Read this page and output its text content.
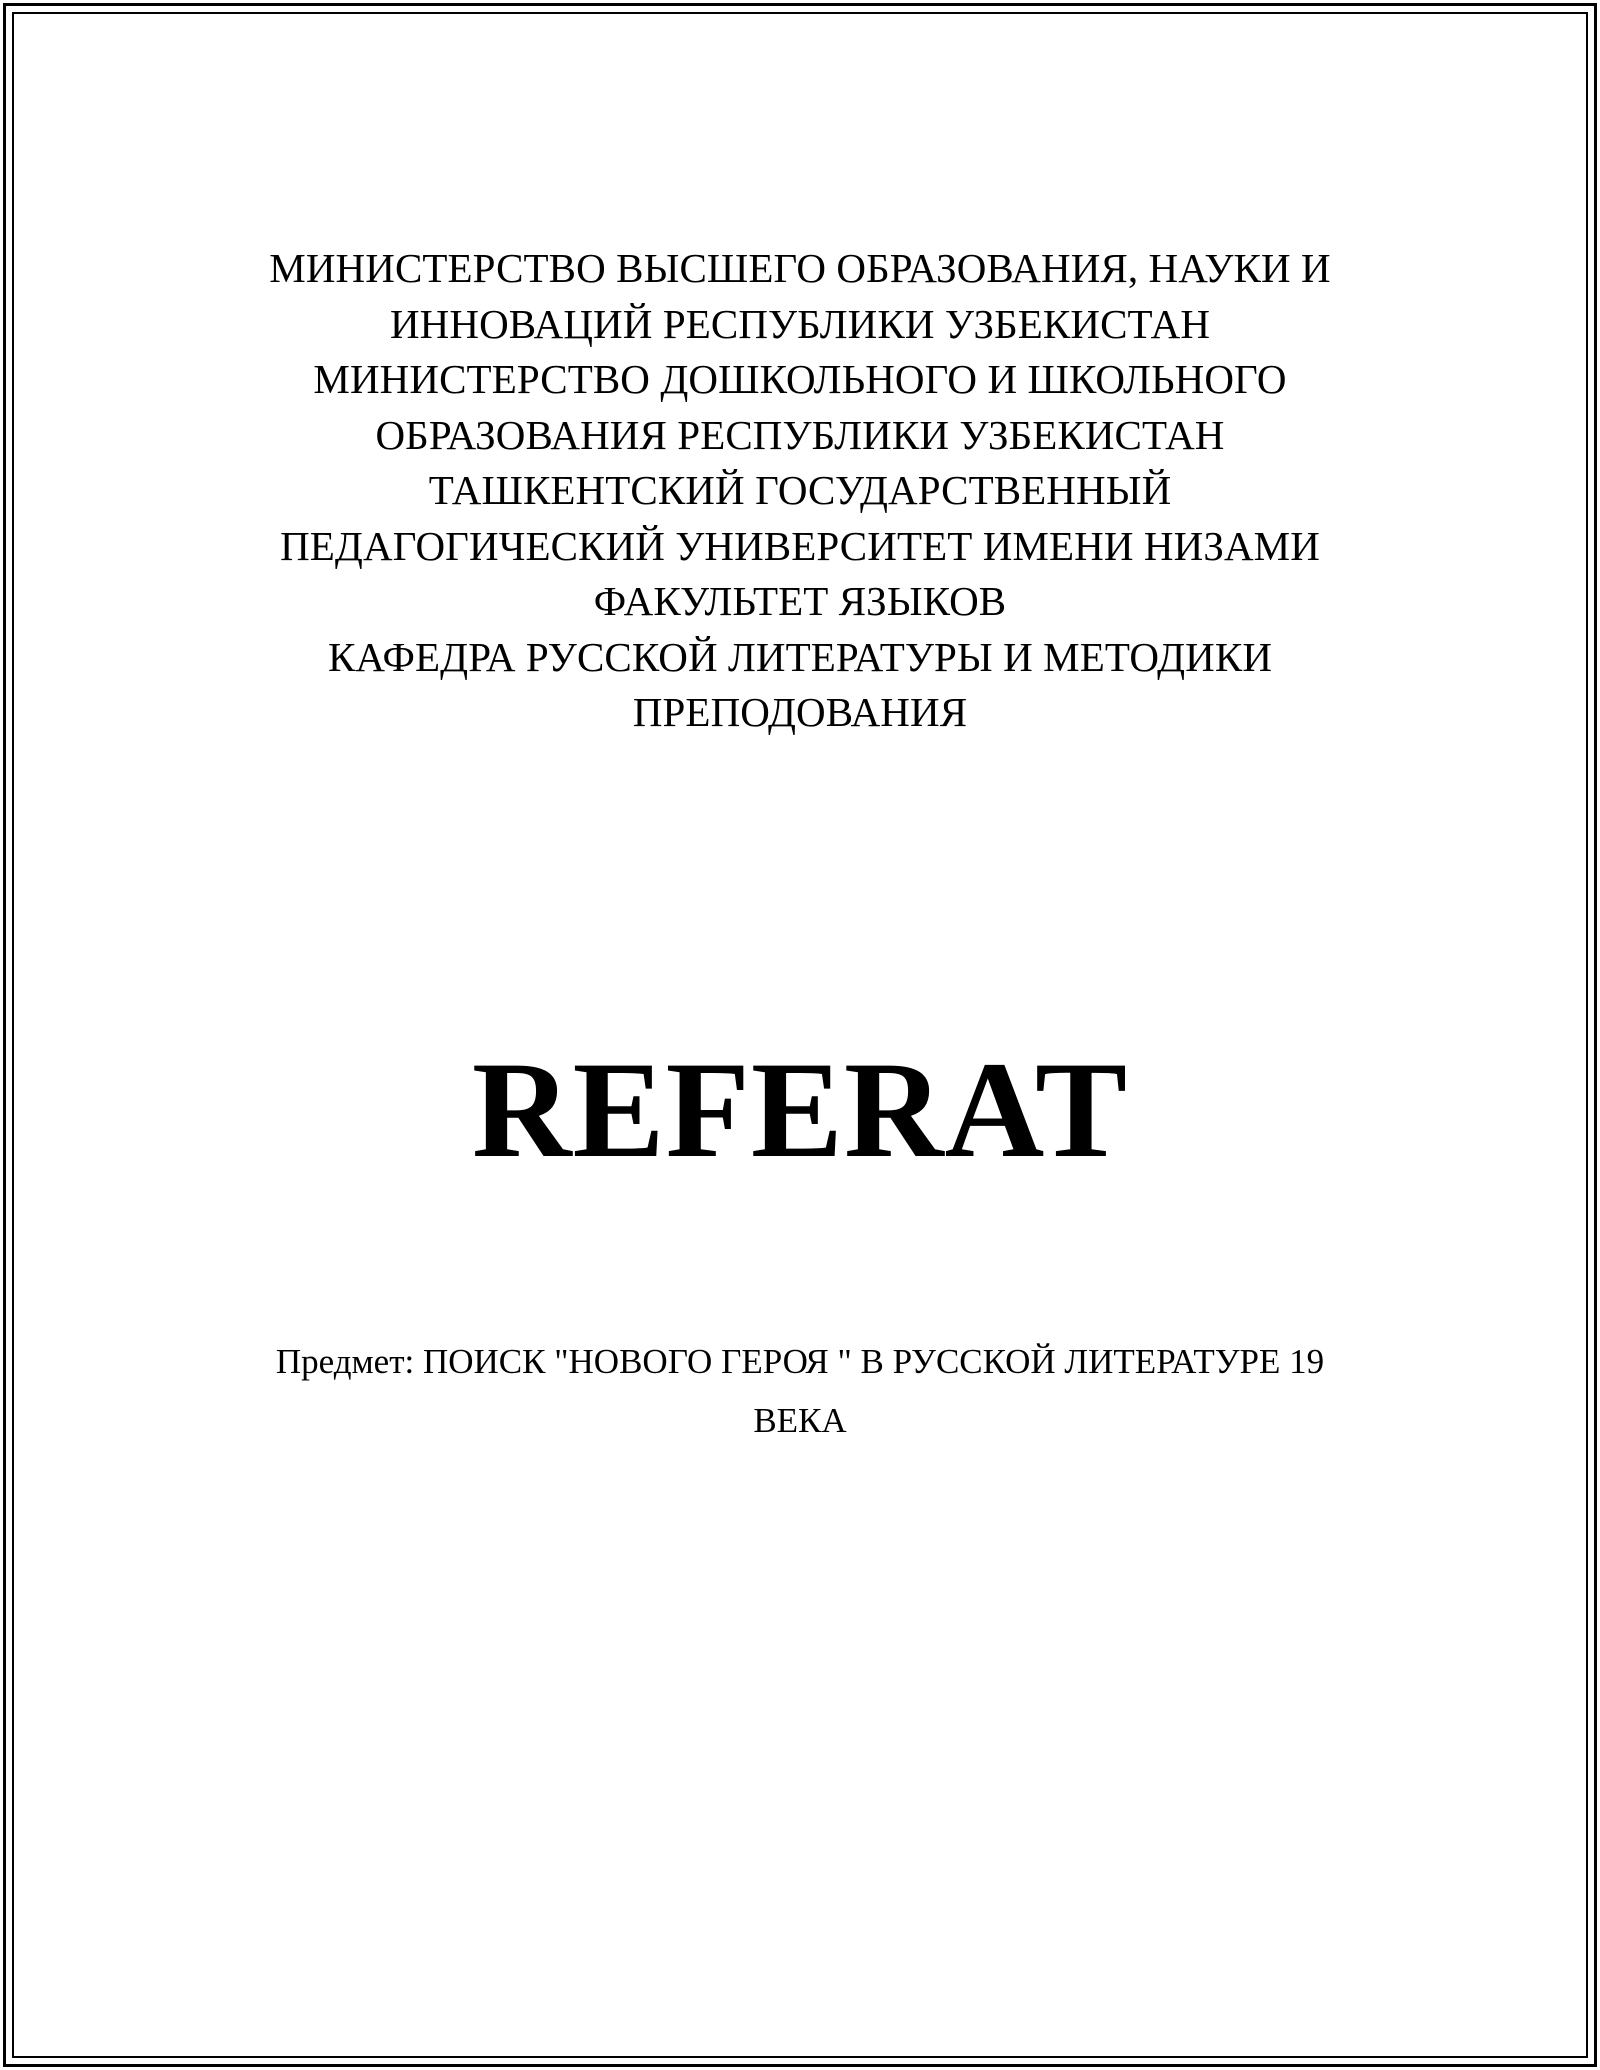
МИНИСТЕРСТВО ВЫСШЕГО ОБРАЗОВАНИЯ, НАУКИ И
ИННОВАЦИЙ РЕСПУБЛИКИ УЗБЕКИСТАН
МИНИСТЕРСТВО ДОШКОЛЬНОГО И ШКОЛЬНОГО
ОБРАЗОВАНИЯ РЕСПУБЛИКИ УЗБЕКИСТАН
ТАШКЕНТСКИЙ ГОСУДАРСТВЕННЫЙ
ПЕДАГОГИЧЕСКИЙ УНИВЕРСИТЕТ ИМЕНИ НИЗАМИ
ФАКУЛЬТЕТ ЯЗЫКОВ
КАФЕДРА РУССКОЙ ЛИТЕРАТУРЫ И МЕТОДИКИ
ПРЕПОДОВАНИЯ
REFERAT
Предмет: ПОИСК "НОВОГО ГЕРОЯ " В РУССКОЙ ЛИТЕРАТУРЕ 19
ВЕКА
